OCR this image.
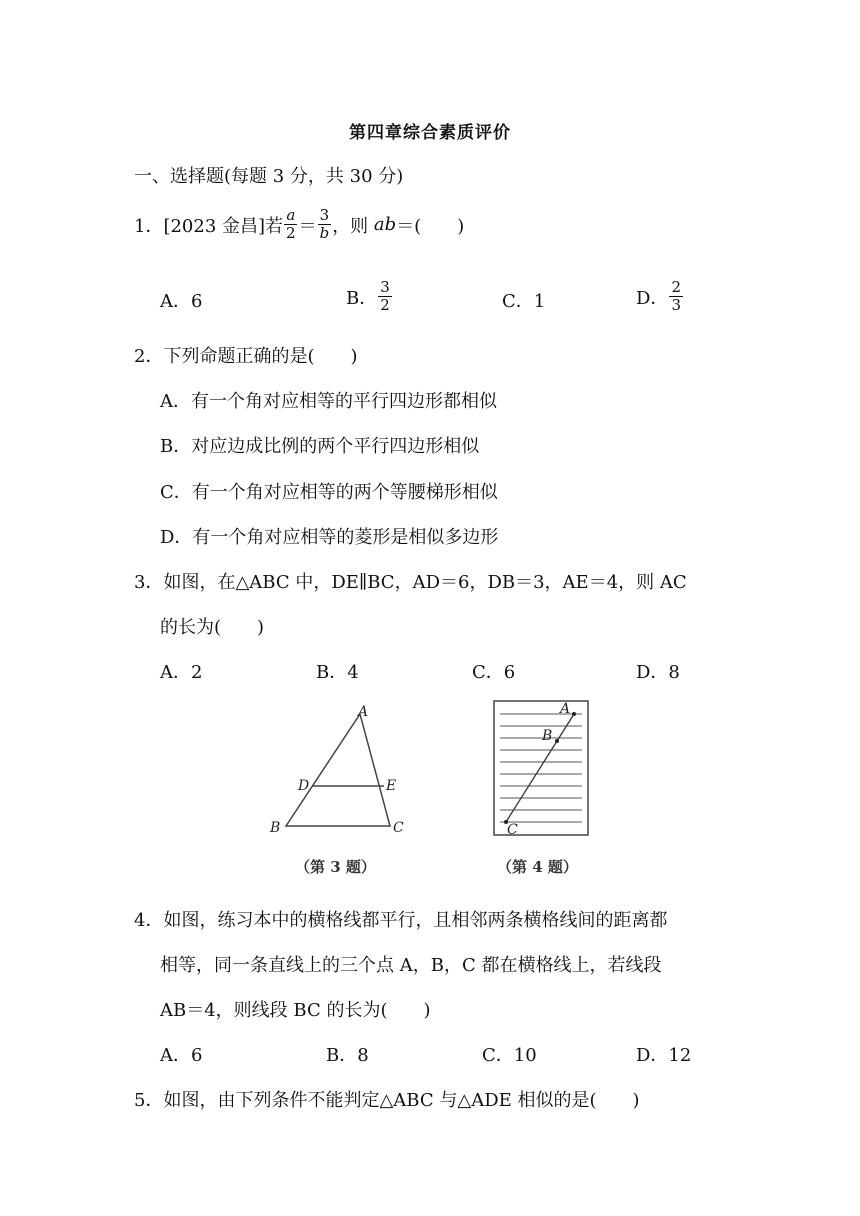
第四章综合素质评价
一、选择题(每题 3 分，共 30 分)
1． [2023 金昌]若 $\frac{a}{2} = \frac{3}{b}$ ，则 ab ＝(　　)
A．6	B． $\frac{3}{2}$	C．1	D． $\frac{2}{3}$
2．下列命题正确的是(　　)
A．有一个角对应相等的平行四边形都相似
B．对应边成比例的两个平行四边形相似
C．有一个角对应相等的两个等腰梯形相似
D．有一个角对应相等的菱形是相似多边形
3．如图，在△ABC 中，DE∥BC，AD＝6，DB＝3，AE＝4，则 AC
的长为(　　)
A．2	B．4	C．6	D．8
A
B	C
D	E
（第 3 题）
A
B
C
（第 4 题）
4．如图，练习本中的横格线都平行，且相邻两条横格线间的距离都
相等，同一条直线上的三个点 A，B，C 都在横格线上，若线段
AB＝4，则线段 BC 的长为(　　)
A．6	B．8	C．10	D．12
5．如图，由下列条件不能判定△ABC 与△ADE 相似的是(　　)
